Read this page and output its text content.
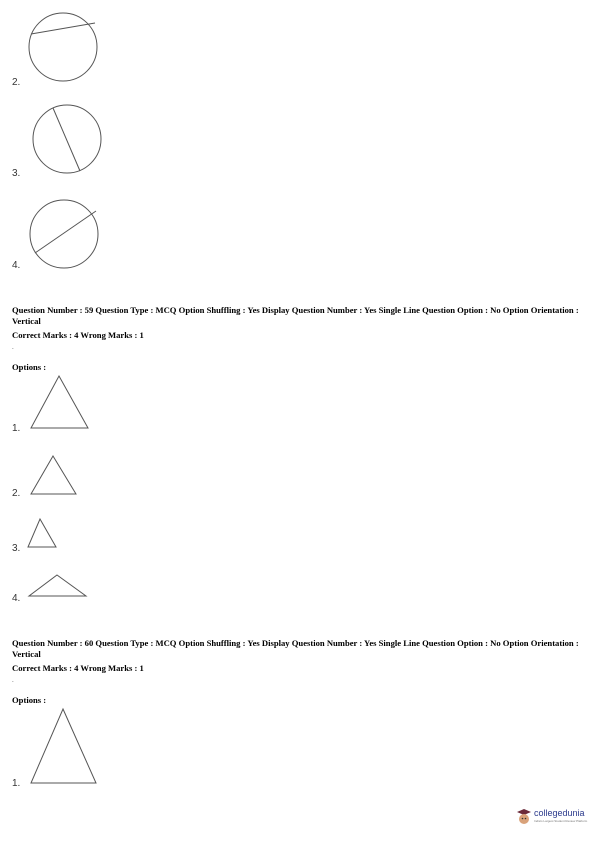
2.
3.
4.
Question Number : 59 Question Type : MCQ Option Shuffling : Yes Display Question Number : Yes Single Line Question Option : No Option Orientation : Vertical
Correct Marks : 4 Wrong Marks : 1
.
Options :
1.
2.
3.
4.
Question Number : 60 Question Type : MCQ Option Shuffling : Yes Display Question Number : Yes Single Line Question Option : No Option Orientation : Vertical
Correct Marks : 4 Wrong Marks : 1
.
Options :
1.
collegedunia
India's Largest Student Review Platform
